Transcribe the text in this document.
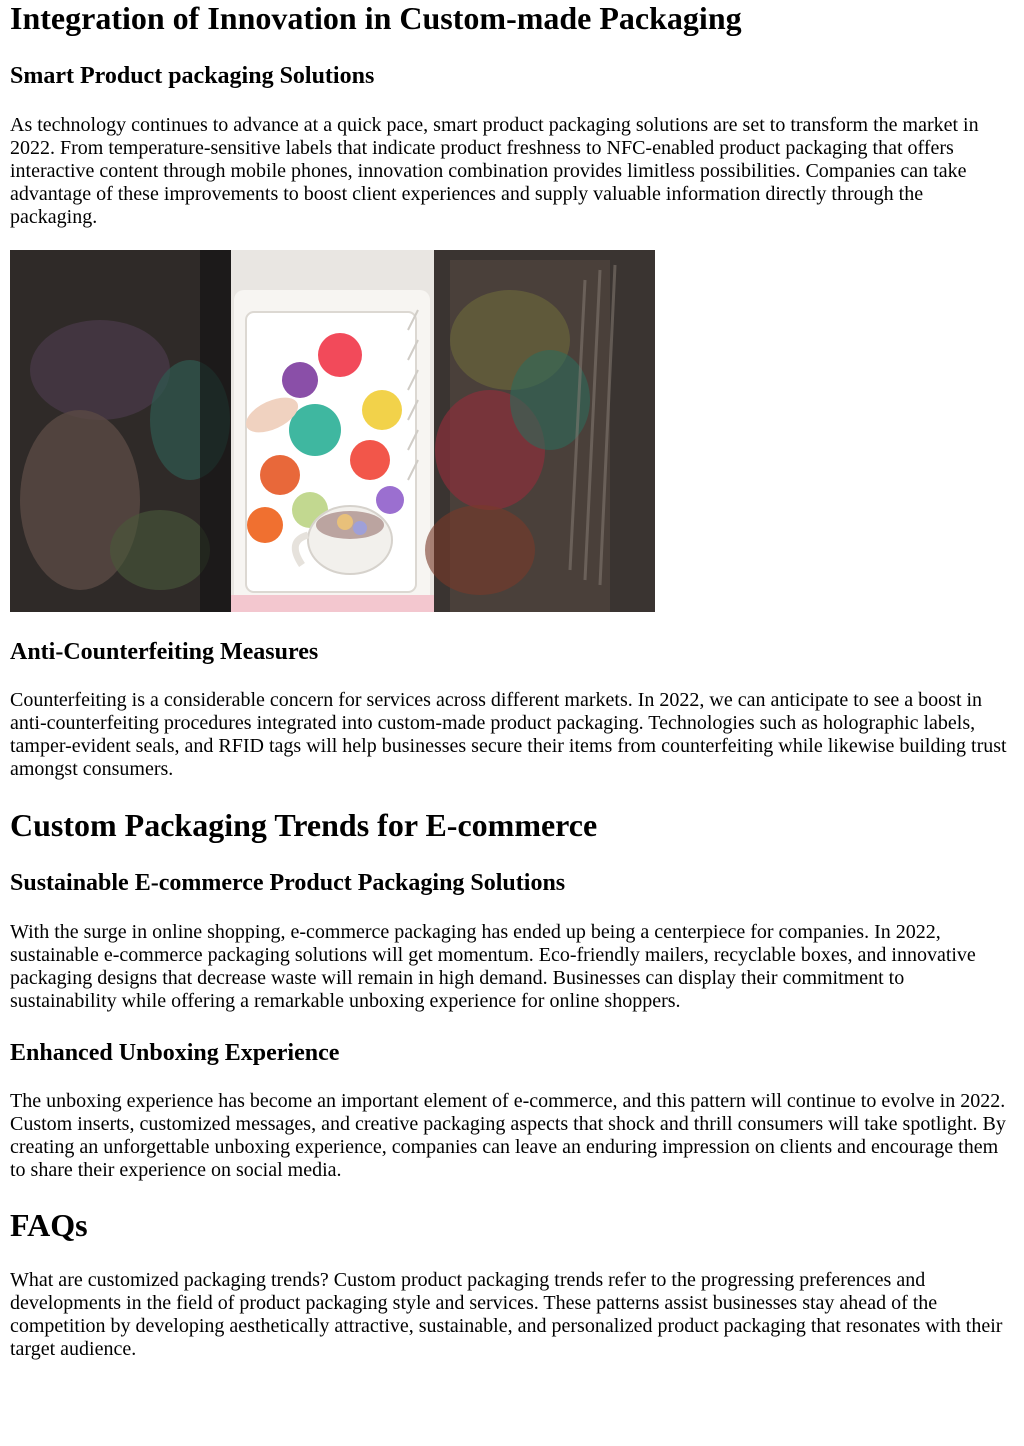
Integration of Innovation in Custom-made Packaging
Smart Product packaging Solutions

As technology continues to advance at a quick pace, smart product packaging solutions are set to transform the market in 2022. From temperature-sensitive labels that indicate product freshness to NFC-enabled product packaging that offers interactive content through mobile phones, innovation combination provides limitless possibilities. Companies can take advantage of these improvements to boost client experiences and supply valuable information directly through the packaging.

Anti-Counterfeiting Measures

Counterfeiting is a considerable concern for services across different markets. In 2022, we can anticipate to see a boost in anti-counterfeiting procedures integrated into custom-made product packaging. Technologies such as holographic labels, tamper-evident seals, and RFID tags will help businesses secure their items from counterfeiting while likewise building trust amongst consumers.

Custom Packaging Trends for E-commerce
Sustainable E-commerce Product Packaging Solutions

With the surge in online shopping, e-commerce packaging has ended up being a centerpiece for companies. In 2022, sustainable e-commerce packaging solutions will get momentum. Eco-friendly mailers, recyclable boxes, and innovative packaging designs that decrease waste will remain in high demand. Businesses can display their commitment to sustainability while offering a remarkable unboxing experience for online shoppers.

Enhanced Unboxing Experience

The unboxing experience has become an important element of e-commerce, and this pattern will continue to evolve in 2022. Custom inserts, customized messages, and creative packaging aspects that shock and thrill consumers will take spotlight. By creating an unforgettable unboxing experience, companies can leave an enduring impression on clients and encourage them to share their experience on social media.

FAQs

What are customized packaging trends? Custom product packaging trends refer to the progressing preferences and developments in the field of product packaging style and services. These patterns assist businesses stay ahead of the competition by developing aesthetically attractive, sustainable, and personalized product packaging that resonates with their target audience.
